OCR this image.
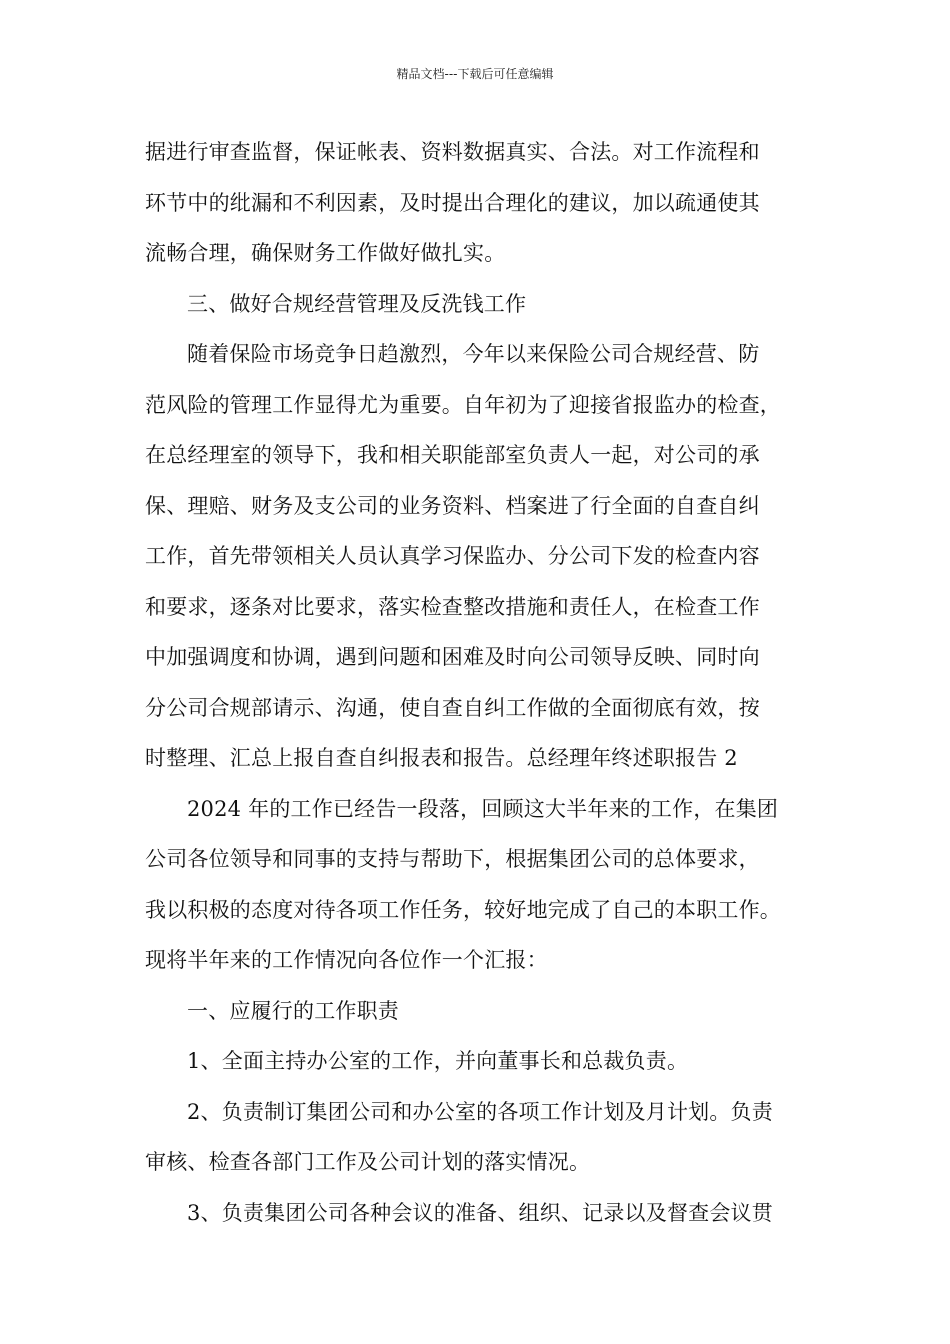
精品文档---下载后可任意编辑
据进行审查监督，保证帐表、资料数据真实、合法。对工作流程和
环节中的纰漏和不利因素，及时提出合理化的建议，加以疏通使其
流畅合理，确保财务工作做好做扎实。
三、做好合规经营管理及反洗钱工作
随着保险市场竞争日趋激烈，今年以来保险公司合规经营、防
范风险的管理工作显得尤为重要。自年初为了迎接省报监办的检查，
在总经理室的领导下，我和相关职能部室负责人一起，对公司的承
保、理赔、财务及支公司的业务资料、档案进了行全面的自查自纠
工作，首先带领相关人员认真学习保监办、分公司下发的检查内容
和要求，逐条对比要求，落实检查整改措施和责任人，在检查工作
中加强调度和协调，遇到问题和困难及时向公司领导反映、同时向
分公司合规部请示、沟通，使自查自纠工作做的全面彻底有效，按
时整理、汇总上报自查自纠报表和报告。总经理年终述职报告 2
2024 年的工作已经告一段落，回顾这大半年来的工作，在集团
公司各位领导和同事的支持与帮助下，根据集团公司的总体要求，
我以积极的态度对待各项工作任务，较好地完成了自己的本职工作。
现将半年来的工作情况向各位作一个汇报：
一、应履行的工作职责
1、全面主持办公室的工作，并向董事长和总裁负责。
2、负责制订集团公司和办公室的各项工作计划及月计划。负责
审核、检查各部门工作及公司计划的落实情况。
3、负责集团公司各种会议的准备、组织、记录以及督查会议贯
